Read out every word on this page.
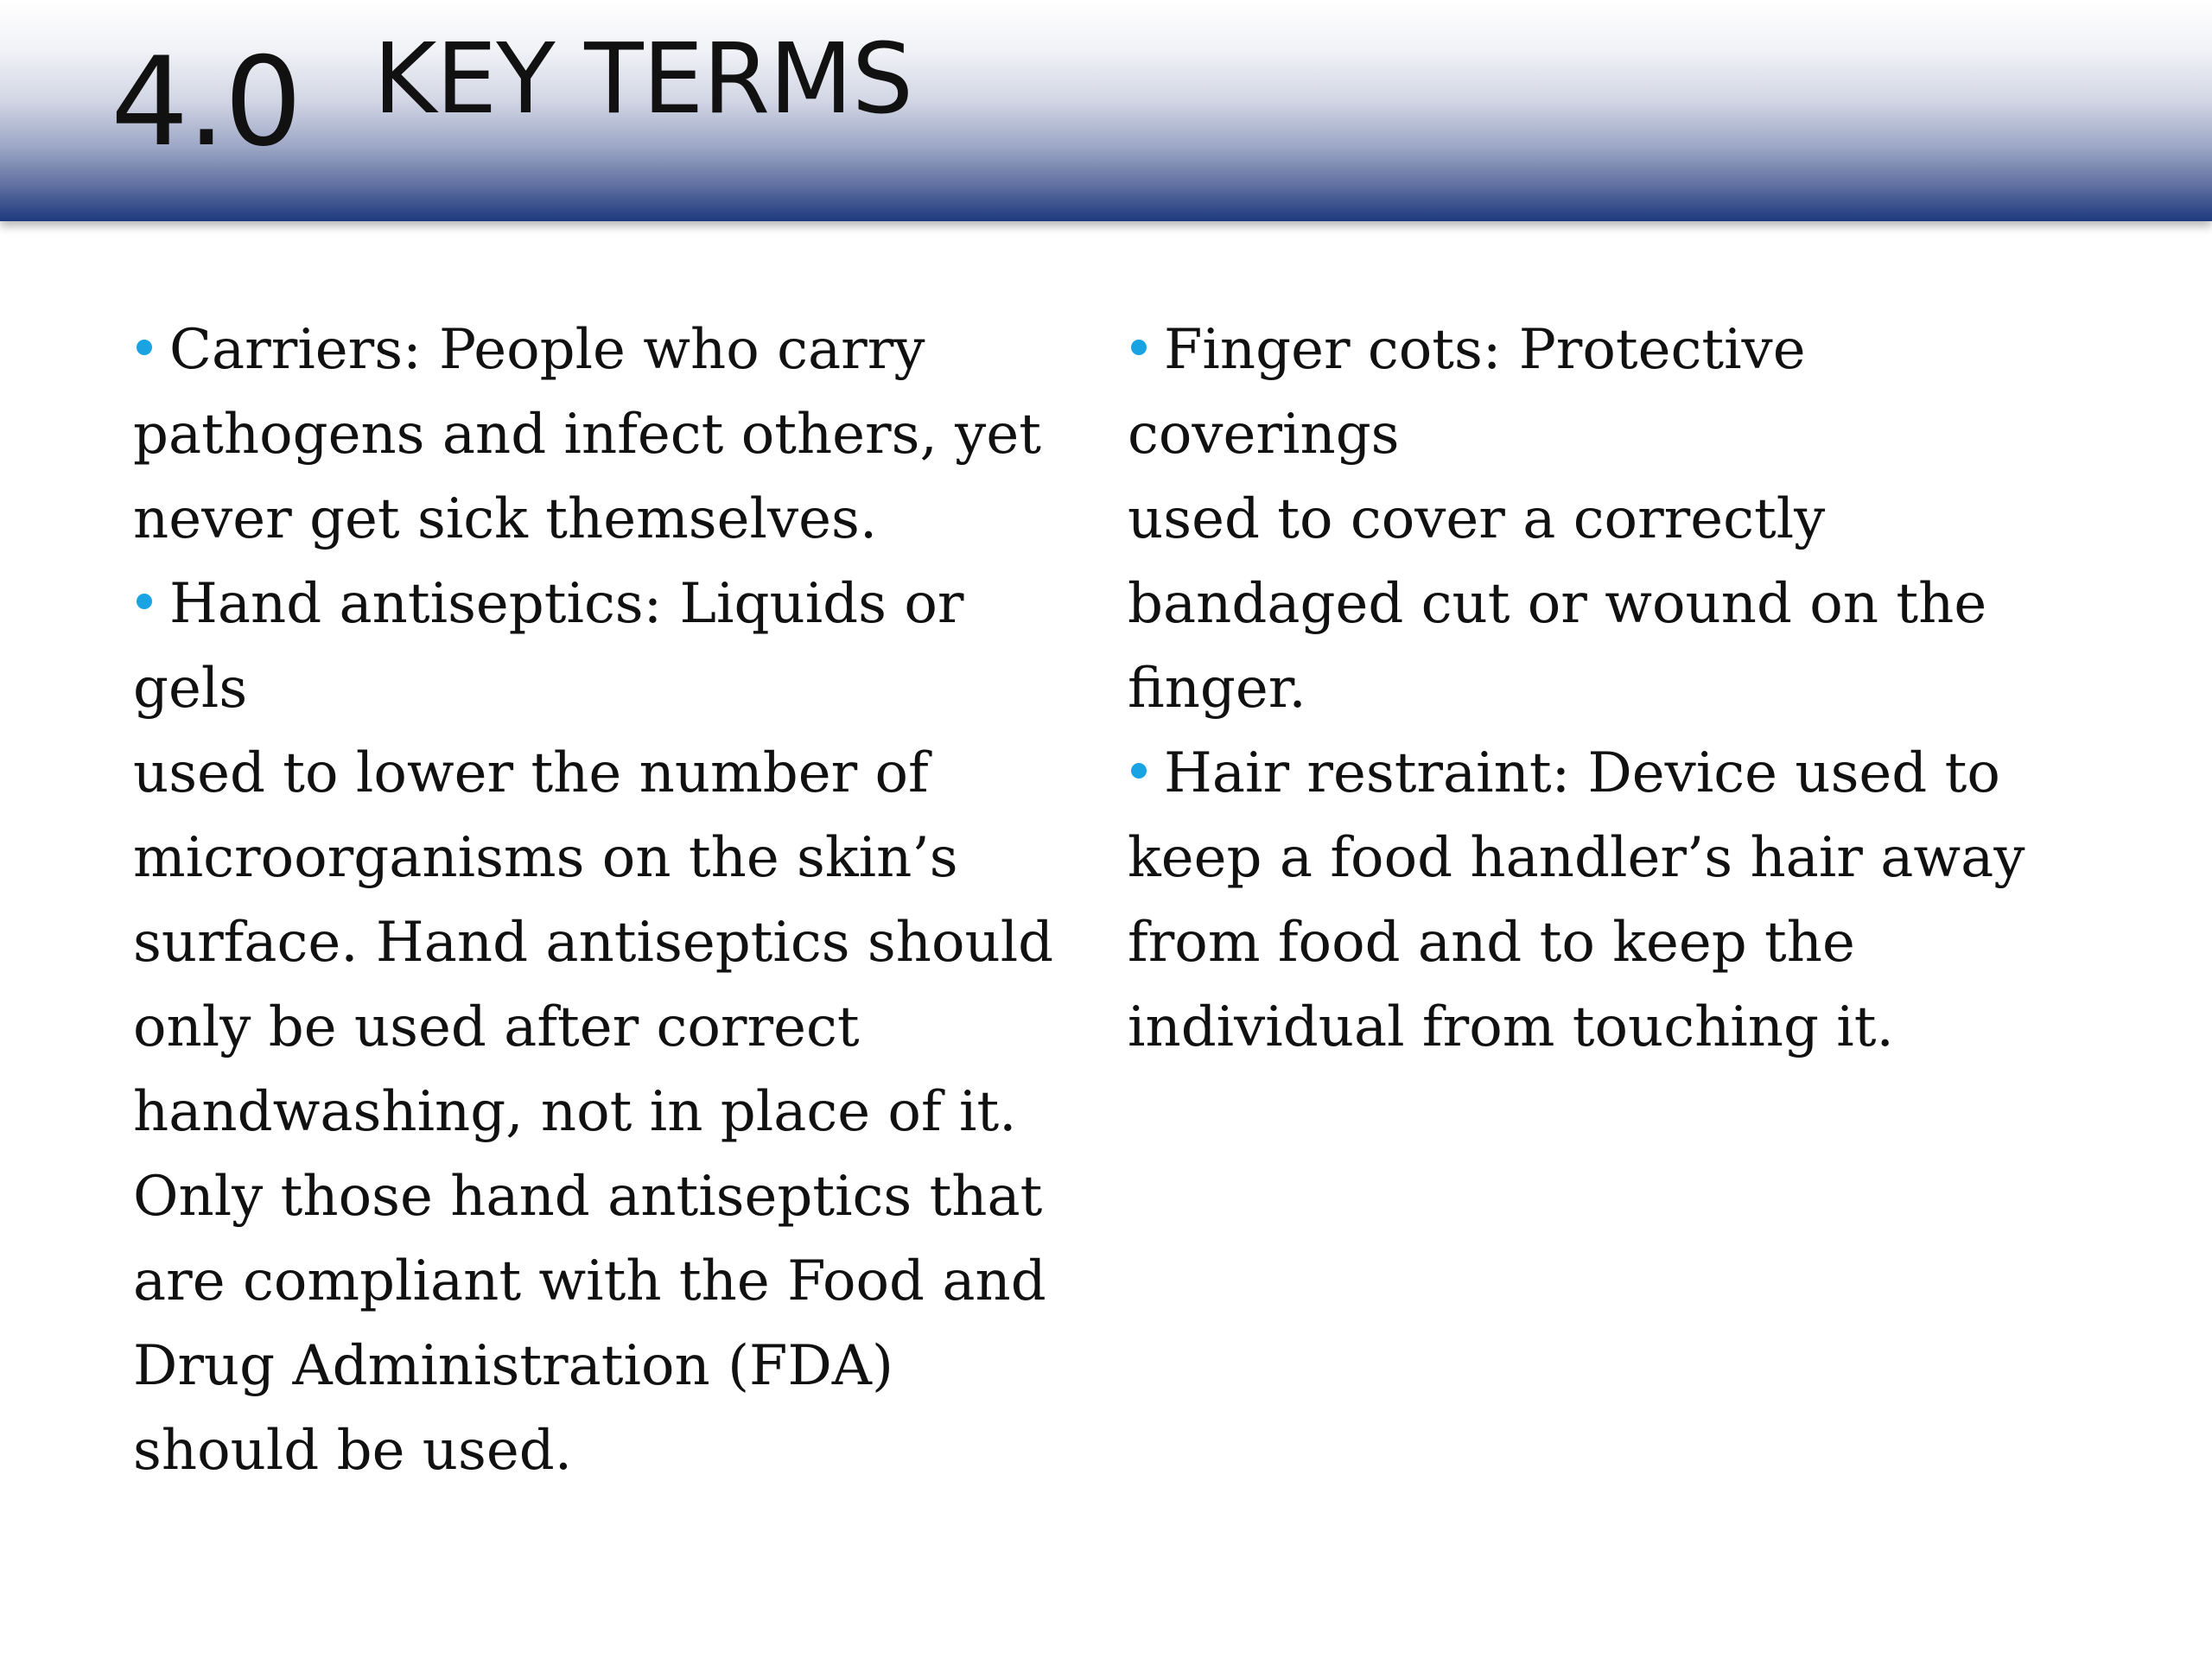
4.0 KEY TERMS
Carriers: People who carry
pathogens and infect others, yet
never get sick themselves.
Hand antiseptics: Liquids or
gels
used to lower the number of
microorganisms on the skin’s
surface. Hand antiseptics should
only be used after correct
handwashing, not in place of it.
Only those hand antiseptics that
are compliant with the Food and
Drug Administration (FDA)
should be used.
Finger cots: Protective
coverings
used to cover a correctly
bandaged cut or wound on the
finger.
Hair restraint: Device used to
keep a food handler’s hair away
from food and to keep the
individual from touching it.
